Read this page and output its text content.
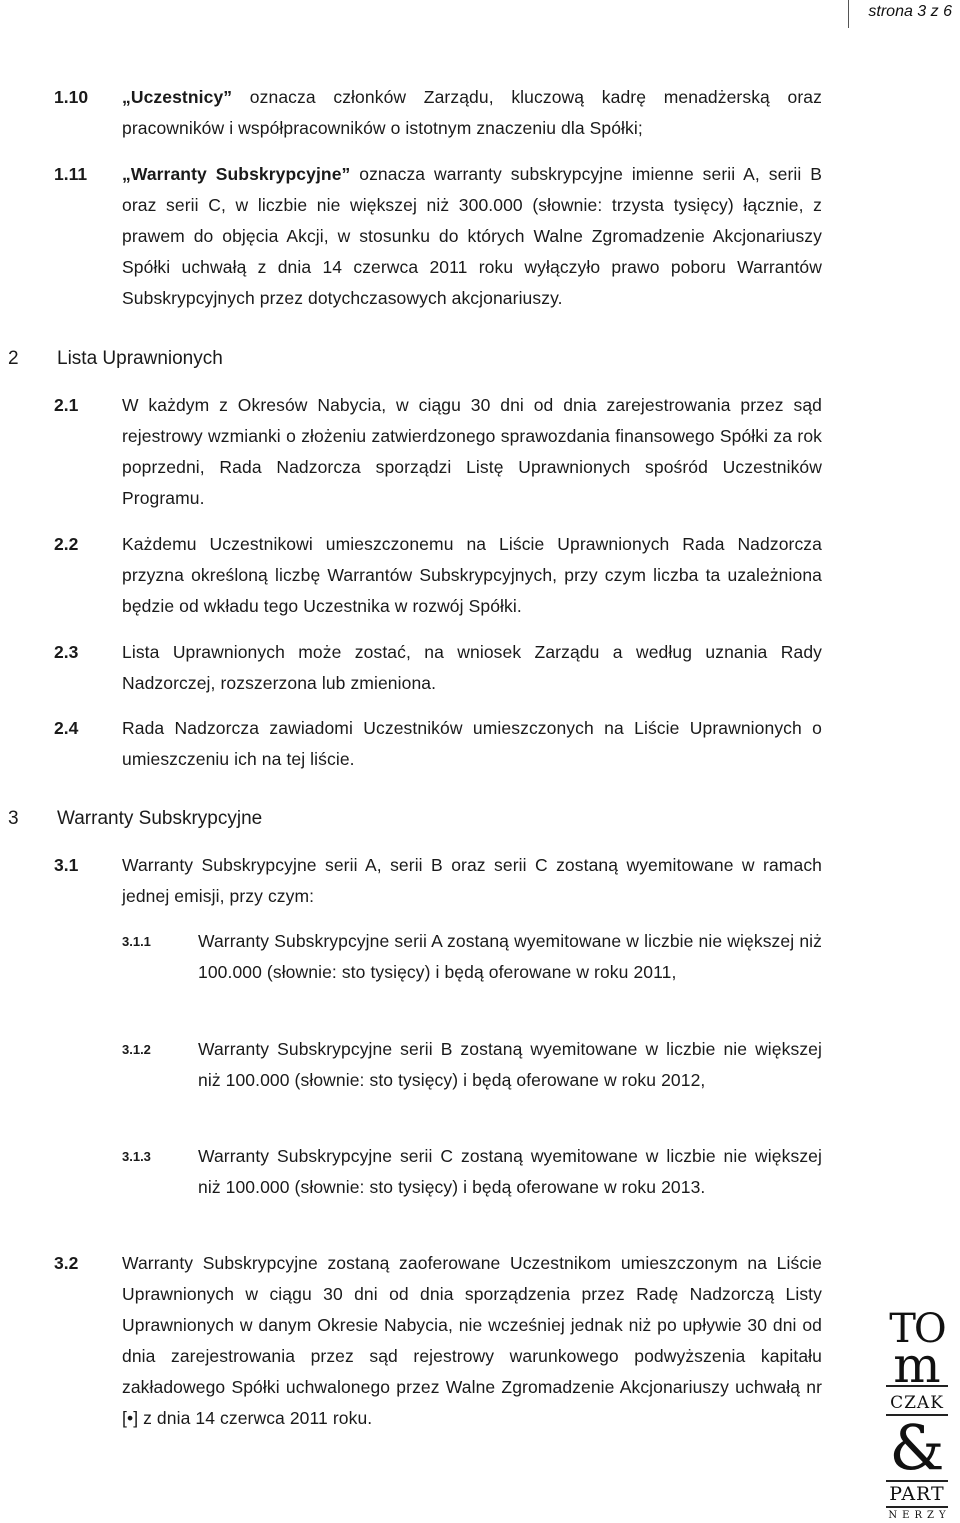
strona 3 z 6
1.10 „Uczestnicy” oznacza członków Zarządu, kluczową kadrę menadżerską oraz pracowników i współpracowników o istotnym znaczeniu dla Spółki;
1.11 „Warranty Subskrypcyjne” oznacza warranty subskrypcyjne imienne serii A, serii B oraz serii C, w liczbie nie większej niż 300.000 (słownie: trzysta tysięcy) łącznie, z prawem do objęcia Akcji, w stosunku do których Walne Zgromadzenie Akcjonariuszy Spółki uchwałą z dnia 14 czerwca 2011 roku wyłączyło prawo poboru Warrantów Subskrypcyjnych przez dotychczasowych akcjonariuszy.
2 Lista Uprawnionych
2.1 W każdym z Okresów Nabycia, w ciągu 30 dni od dnia zarejestrowania przez sąd rejestrowy wzmianki o złożeniu zatwierdzonego sprawozdania finansowego Spółki za rok poprzedni, Rada Nadzorcza sporządzi Listę Uprawnionych spośród Uczestników Programu.
2.2 Każdemu Uczestnikowi umieszczonemu na Liście Uprawnionych Rada Nadzorcza przyzna określoną liczbę Warrantów Subskrypcyjnych, przy czym liczba ta uzależniona będzie od wkładu tego Uczestnika w rozwój Spółki.
2.3 Lista Uprawnionych może zostać, na wniosek Zarządu a według uznania Rady Nadzorczej, rozszerzona lub zmieniona.
2.4 Rada Nadzorcza zawiadomi Uczestników umieszczonych na Liście Uprawnionych o umieszczeniu ich na tej liście.
3 Warranty Subskrypcyjne
3.1 Warranty Subskrypcyjne serii A, serii B oraz serii C zostaną wyemitowane w ramach jednej emisji, przy czym:
3.1.1	Warranty Subskrypcyjne serii A zostaną wyemitowane w liczbie nie większej niż 100.000 (słownie: sto tysięcy) i będą oferowane w roku 2011,
3.1.2	Warranty Subskrypcyjne serii B zostaną wyemitowane w liczbie nie większej niż 100.000 (słownie: sto tysięcy) i będą oferowane w roku 2012,
3.1.3	Warranty Subskrypcyjne serii C zostaną wyemitowane w liczbie nie większej niż 100.000 (słownie: sto tysięcy) i będą oferowane w roku 2013.
3.2 Warranty Subskrypcyjne zostaną zaoferowane Uczestnikom umieszczonym na Liście Uprawnionych w ciągu 30 dni od dnia sporządzenia przez Radę Nadzorczą Listy Uprawnionych w danym Okresie Nabycia, nie wcześniej jednak niż po upływie 30 dni od dnia zarejestrowania przez sąd rejestrowy warunkowego podwyższenia kapitału zakładowego Spółki uchwalonego przez Walne Zgromadzenie Akcjonariuszy uchwałą nr [•] z dnia 14 czerwca 2011 roku.
TO
m
CZAK
&
PART
NERZY
